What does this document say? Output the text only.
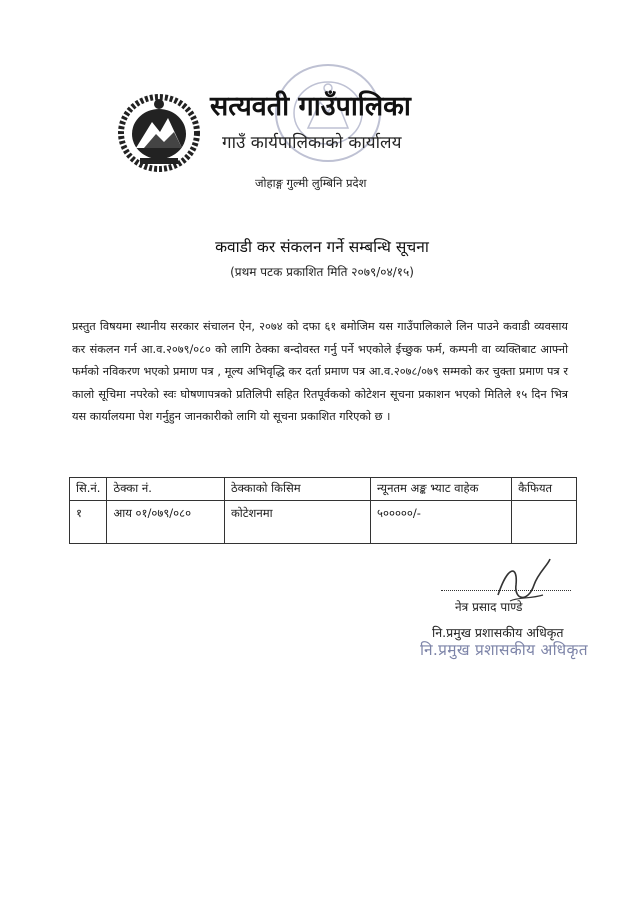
सत्यवती गाउँपालिका
गाउँ कार्यपालिकाको कार्यालय
जोहाङ्ग गुल्मी लुम्बिनि प्रदेश
कवाडी कर संकलन गर्ने सम्बन्धि सूचना
(प्रथम पटक प्रकाशित मिति २०७९/०४/१५)
प्रस्तुत विषयमा स्थानीय सरकार संचालन ऐन, २०७४ को दफा ६१ बमोजिम यस गाउँपालिकाले लिन पाउने कवाडी व्यवसाय कर संकलन गर्न आ.व.२०७९/०८० को लागि ठेक्का बन्दोवस्त गर्नु पर्ने भएकोले ईच्छुक फर्म, कम्पनी वा व्यक्तिबाट आफ्नो फर्मको नविकरण भएको प्रमाण पत्र , मूल्य अभिवृद्धि कर दर्ता प्रमाण पत्र आ.व.२०७८/०७९ सम्मको कर चुक्ता प्रमाण पत्र र कालो सूचिमा नपरेको स्वः घोषणापत्रको प्रतिलिपी सहित रितपूर्वकको कोटेशन सूचना प्रकाशन भएको मितिले १५ दिन भित्र यस कार्यालयमा पेश गर्नुहुन जानकारीको लागि यो सूचना प्रकाशित गरिएको छ ।
सि.नं.	ठेक्का नं.	ठेक्काको किसिम	न्यूनतम अङ्क भ्याट वाहेक	कैफियत
१	आय ०१/०७९/०८०	कोटेशनमा	५०००००/-	
नेत्र प्रसाद पाण्डे
नि.प्रमुख प्रशासकीय अधिकृत
नि.प्रमुख प्रशासकीय अधिकृत
